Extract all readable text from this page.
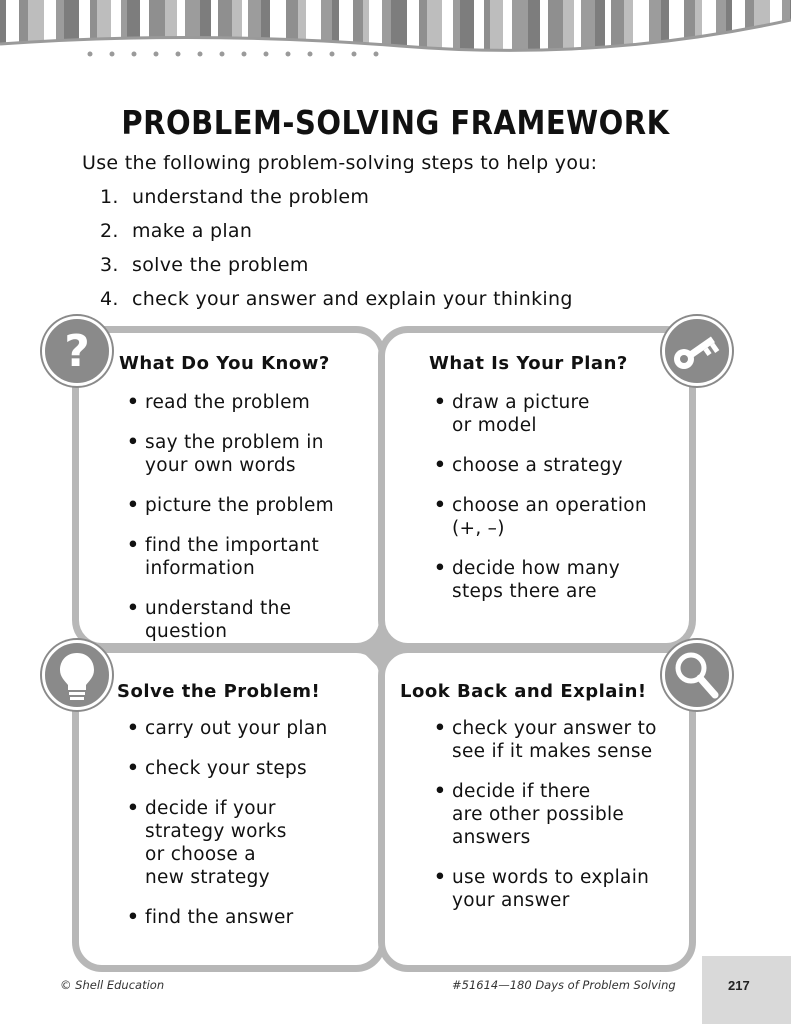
PROBLEM-SOLVING FRAMEWORK
Use the following problem-solving steps to help you:
1. understand the problem
2. make a plan
3. solve the problem
4. check your answer and explain your thinking
What Do You Know?
• read the problem
• say the problem in
your own words
• picture the problem
• find the important
information
• understand the
question
What Is Your Plan?
• draw a picture
or model
• choose a strategy
• choose an operation
(+, –)
• decide how many
steps there are
Solve the Problem!
• carry out your plan
• check your steps
• decide if your
strategy works
or choose a
new strategy
• find the answer
Look Back and Explain!
• check your answer to
see if it makes sense
• decide if there
are other possible
answers
• use words to explain
your answer
?
© Shell Education	#51614—180 Days of Problem Solving	217
